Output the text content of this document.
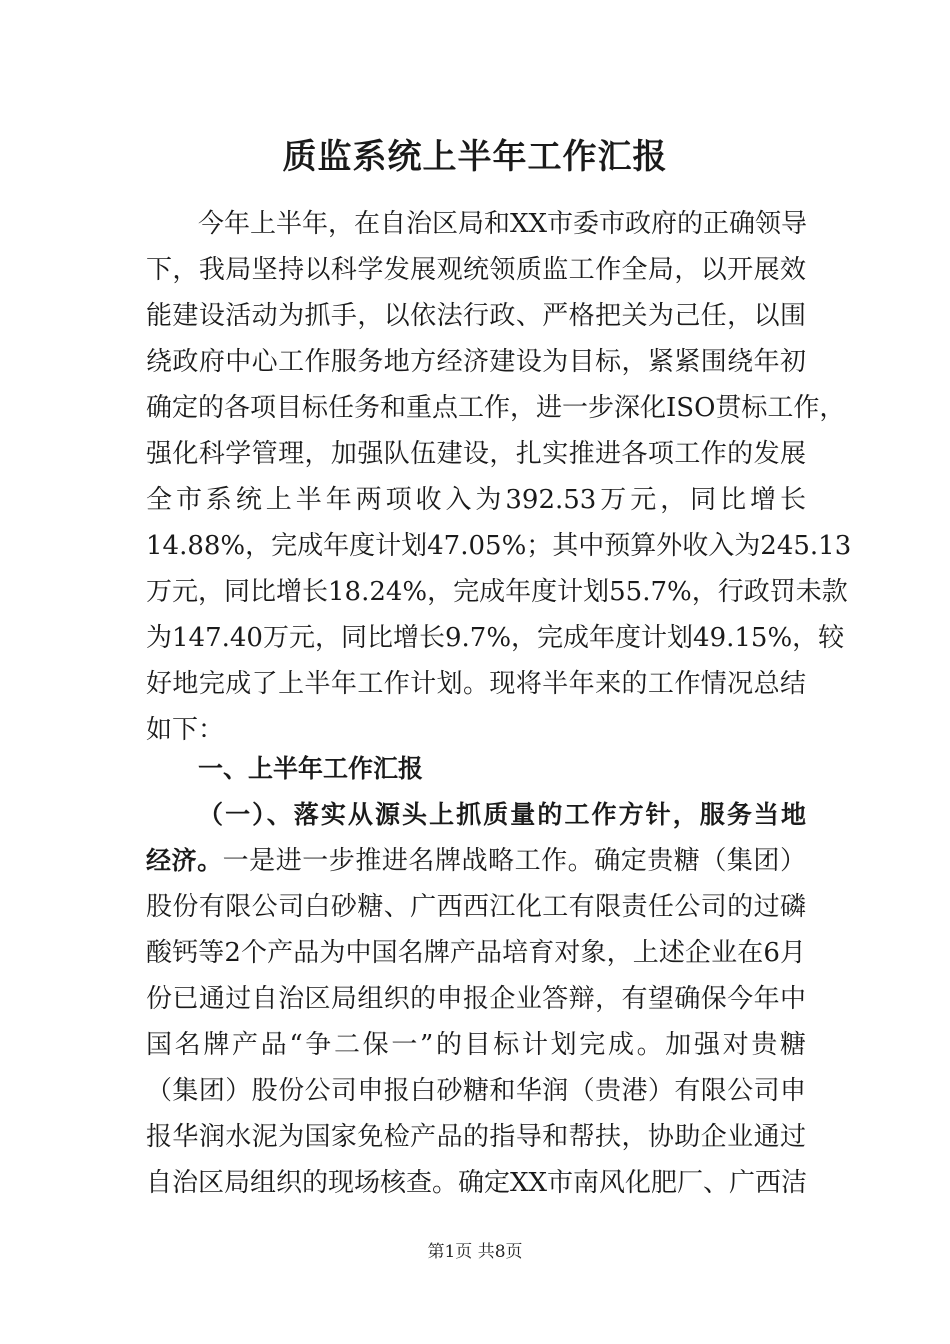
质监系统上半年工作汇报
今年上半年，在自治区局和XX市委市政府的正确领导
下，我局坚持以科学发展观统领质监工作全局，以开展效
能建设活动为抓手，以依法行政、严格把关为己任，以围
绕政府中心工作服务地方经济建设为目标，紧紧围绕年初
确定的各项目标任务和重点工作，进一步深化ISO贯标工作，
强化科学管理，加强队伍建设，扎实推进各项工作的发展
全市系统上半年两项收入为392.53万元，同比增长
14.88%，完成年度计划47.05%；其中预算外收入为245.13
万元，同比增长18.24%，完成年度计划55.7%，行政罚未款
为147.40万元，同比增长9.7%，完成年度计划49.15%，较
好地完成了上半年工作计划。现将半年来的工作情况总结
如下：
一、上半年工作汇报
（一）、落实从源头上抓质量的工作方针，服务当地
经济。一是进一步推进名牌战略工作。确定贵糖（集团）
股份有限公司白砂糖、广西西江化工有限责任公司的过磷
酸钙等2个产品为中国名牌产品培育对象，上述企业在6月
份已通过自治区局组织的申报企业答辩，有望确保今年中
国名牌产品“争二保一”的目标计划完成。加强对贵糖
（集团）股份公司申报白砂糖和华润（贵港）有限公司申
报华润水泥为国家免检产品的指导和帮扶，协助企业通过
自治区局组织的现场核查。确定XX市南风化肥厂、广西洁
第1页 共8页
